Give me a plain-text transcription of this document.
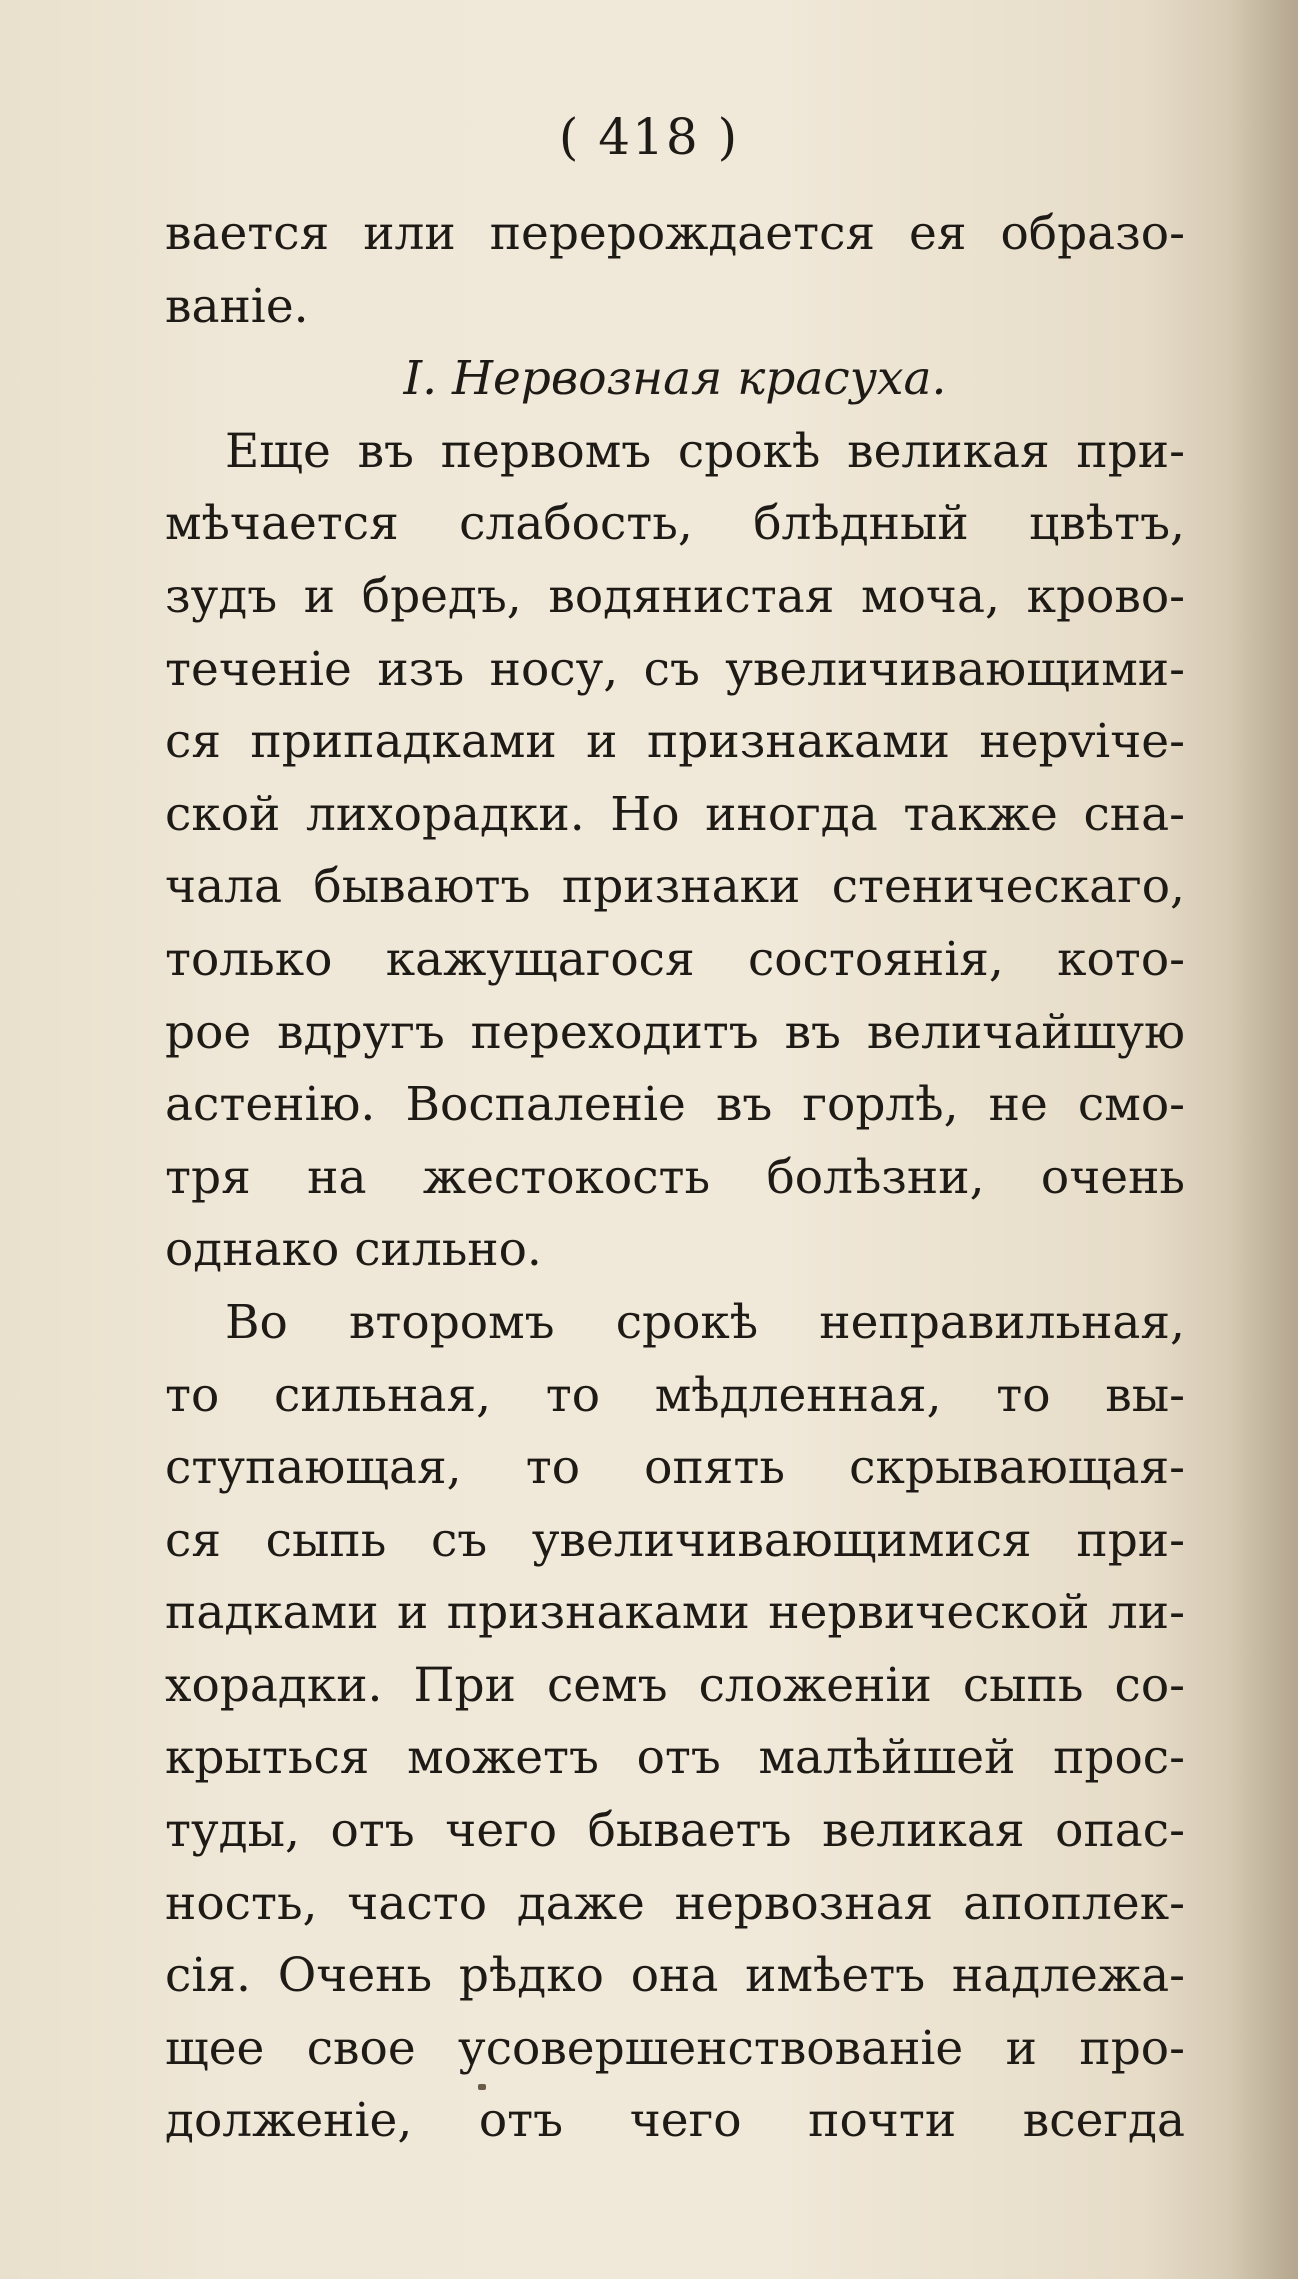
( 418 )
вается или перерождается ея образо-
ваніе.
I. Нервозная красуха.
Еще въ первомъ срокѣ великая при-
мѣчается слабость, блѣдный цвѣтъ,
зудъ и бредъ, водянистая моча, крово-
теченіе изъ носу, съ увеличивающими-
ся припадками и признаками нерviче-
ской лихорадки. Но иногда также сна-
чала бываютъ признаки стеническаго,
только кажущагося состоянія, кото-
рое вдругъ переходитъ въ величайшую
астенію. Воспаленіе въ горлѣ, не смо-
тря на жестокость болѣзни, очень
однако сильно.
Во второмъ срокѣ неправильная,
то сильная, то мѣдленная, то вы-
ступающая, то опять скрывающая-
ся сыпь съ увеличивающимися при-
падками и признаками нервической ли-
хорадки. При семъ сложеніи сыпь со-
крыться можетъ отъ малѣйшей прос-
туды, отъ чего бываетъ великая опас-
ность, часто даже нервозная апоплек-
сія. Очень рѣдко она имѣетъ надлежа-
щее свое усовершенствованіе и про-
долженіе, отъ чего почти всегда
